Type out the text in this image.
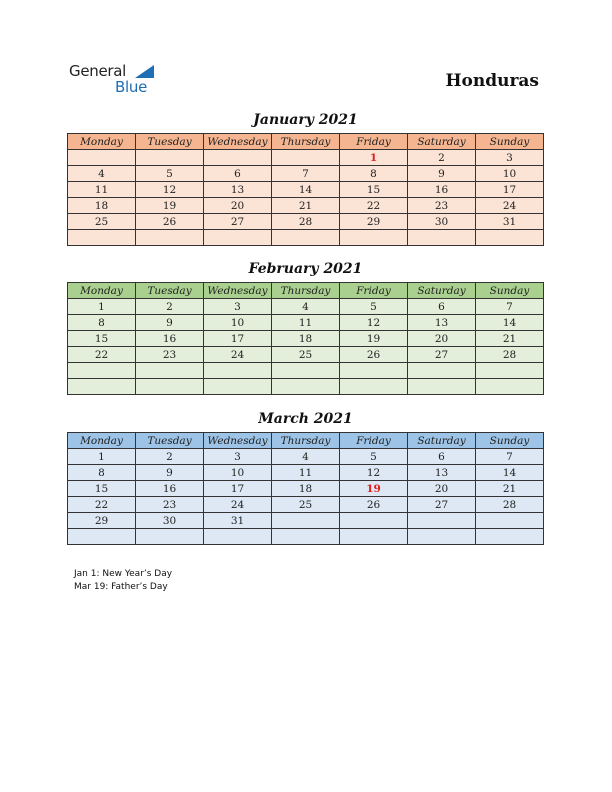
General
Blue	Honduras
January 2021
Monday	Tuesday	Wednesday	Thursday	Friday	Saturday	Sunday
				1	2	3
4	5	6	7	8	9	10
11	12	13	14	15	16	17
18	19	20	21	22	23	24
25	26	27	28	29	30	31

February 2021
Monday	Tuesday	Wednesday	Thursday	Friday	Saturday	Sunday
1	2	3	4	5	6	7
8	9	10	11	12	13	14
15	16	17	18	19	20	21
22	23	24	25	26	27	28

March 2021
Monday	Tuesday	Wednesday	Thursday	Friday	Saturday	Sunday
1	2	3	4	5	6	7
8	9	10	11	12	13	14
15	16	17	18	19	20	21
22	23	24	25	26	27	28
29	30	31				

Jan 1: New Year’s Day
Mar 19: Father’s Day
